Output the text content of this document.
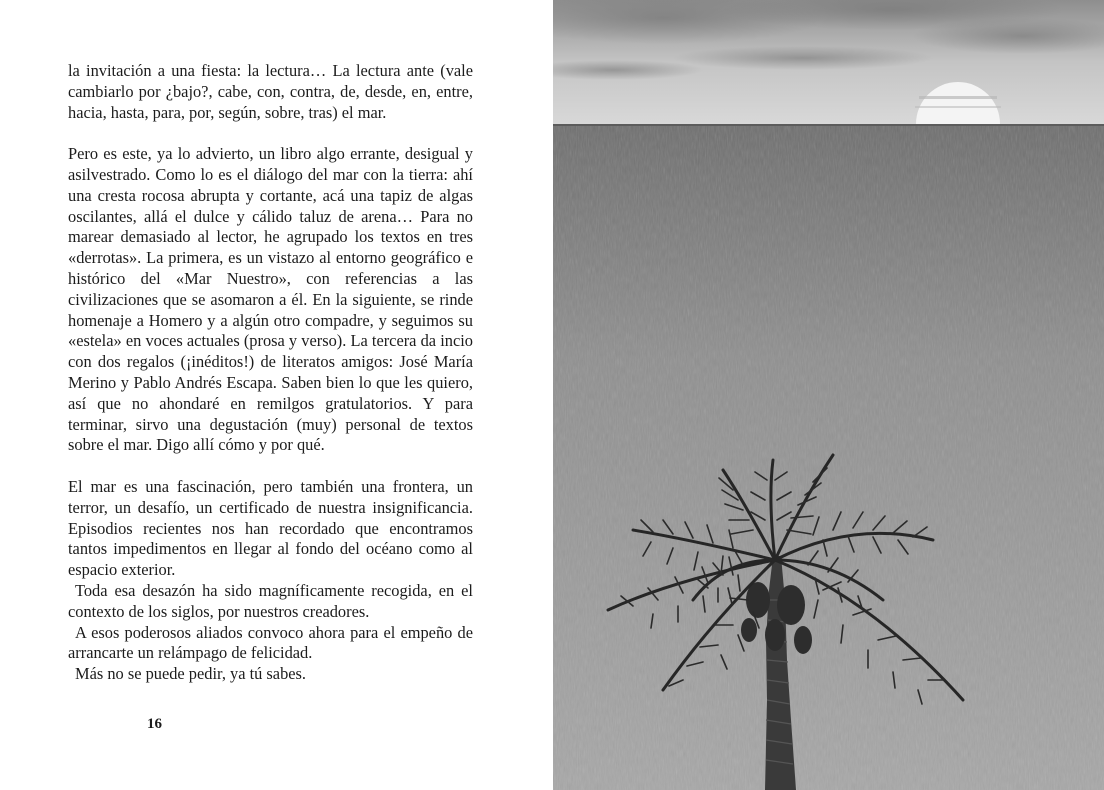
la invitación a una fiesta: la lectura… La lectura ante (vale cambiarlo por ¿bajo?, cabe, con, contra, de, desde, en, entre, hacia, hasta, para, por, según, sobre, tras) el mar.

Pero es este, ya lo advierto, un libro algo errante, desigual y asilvestrado. Como lo es el diálogo del mar con la tierra: ahí una cresta rocosa abrupta y cortante, acá una tapiz de algas oscilantes, allá el dulce y cálido taluz de arena… Para no marear demasiado al lector, he agrupado los textos en tres «derrotas». La primera, es un vistazo al entorno geográfico e histórico del «Mar Nuestro», con referencias a las civilizaciones que se asomaron a él. En la siguiente, se rinde homenaje a Homero y a algún otro compadre, y seguimos su «estela» en voces actuales (prosa y verso). La tercera da incio con dos regalos (¡inéditos!) de literatos amigos: José María Merino y Pablo Andrés Escapa. Saben bien lo que les quiero, así que no ahondaré en remilgos gratulatorios. Y para terminar, sirvo una degustación (muy) personal de textos sobre el mar. Digo allí cómo y por qué.

El mar es una fascinación, pero también una frontera, un terror, un desafío, un certificado de nuestra insignificancia. Episodios recientes nos han recordado que encontramos tantos impedimentos en llegar al fondo del océano como al espacio exterior.

Toda esa desazón ha sido magníficamente recogida, en el contexto de los siglos, por nuestros creadores.

A esos poderosos aliados convoco ahora para el empeño de arrancarte un relámpago de felicidad.

Más no se puede pedir, ya tú sabes.

16
